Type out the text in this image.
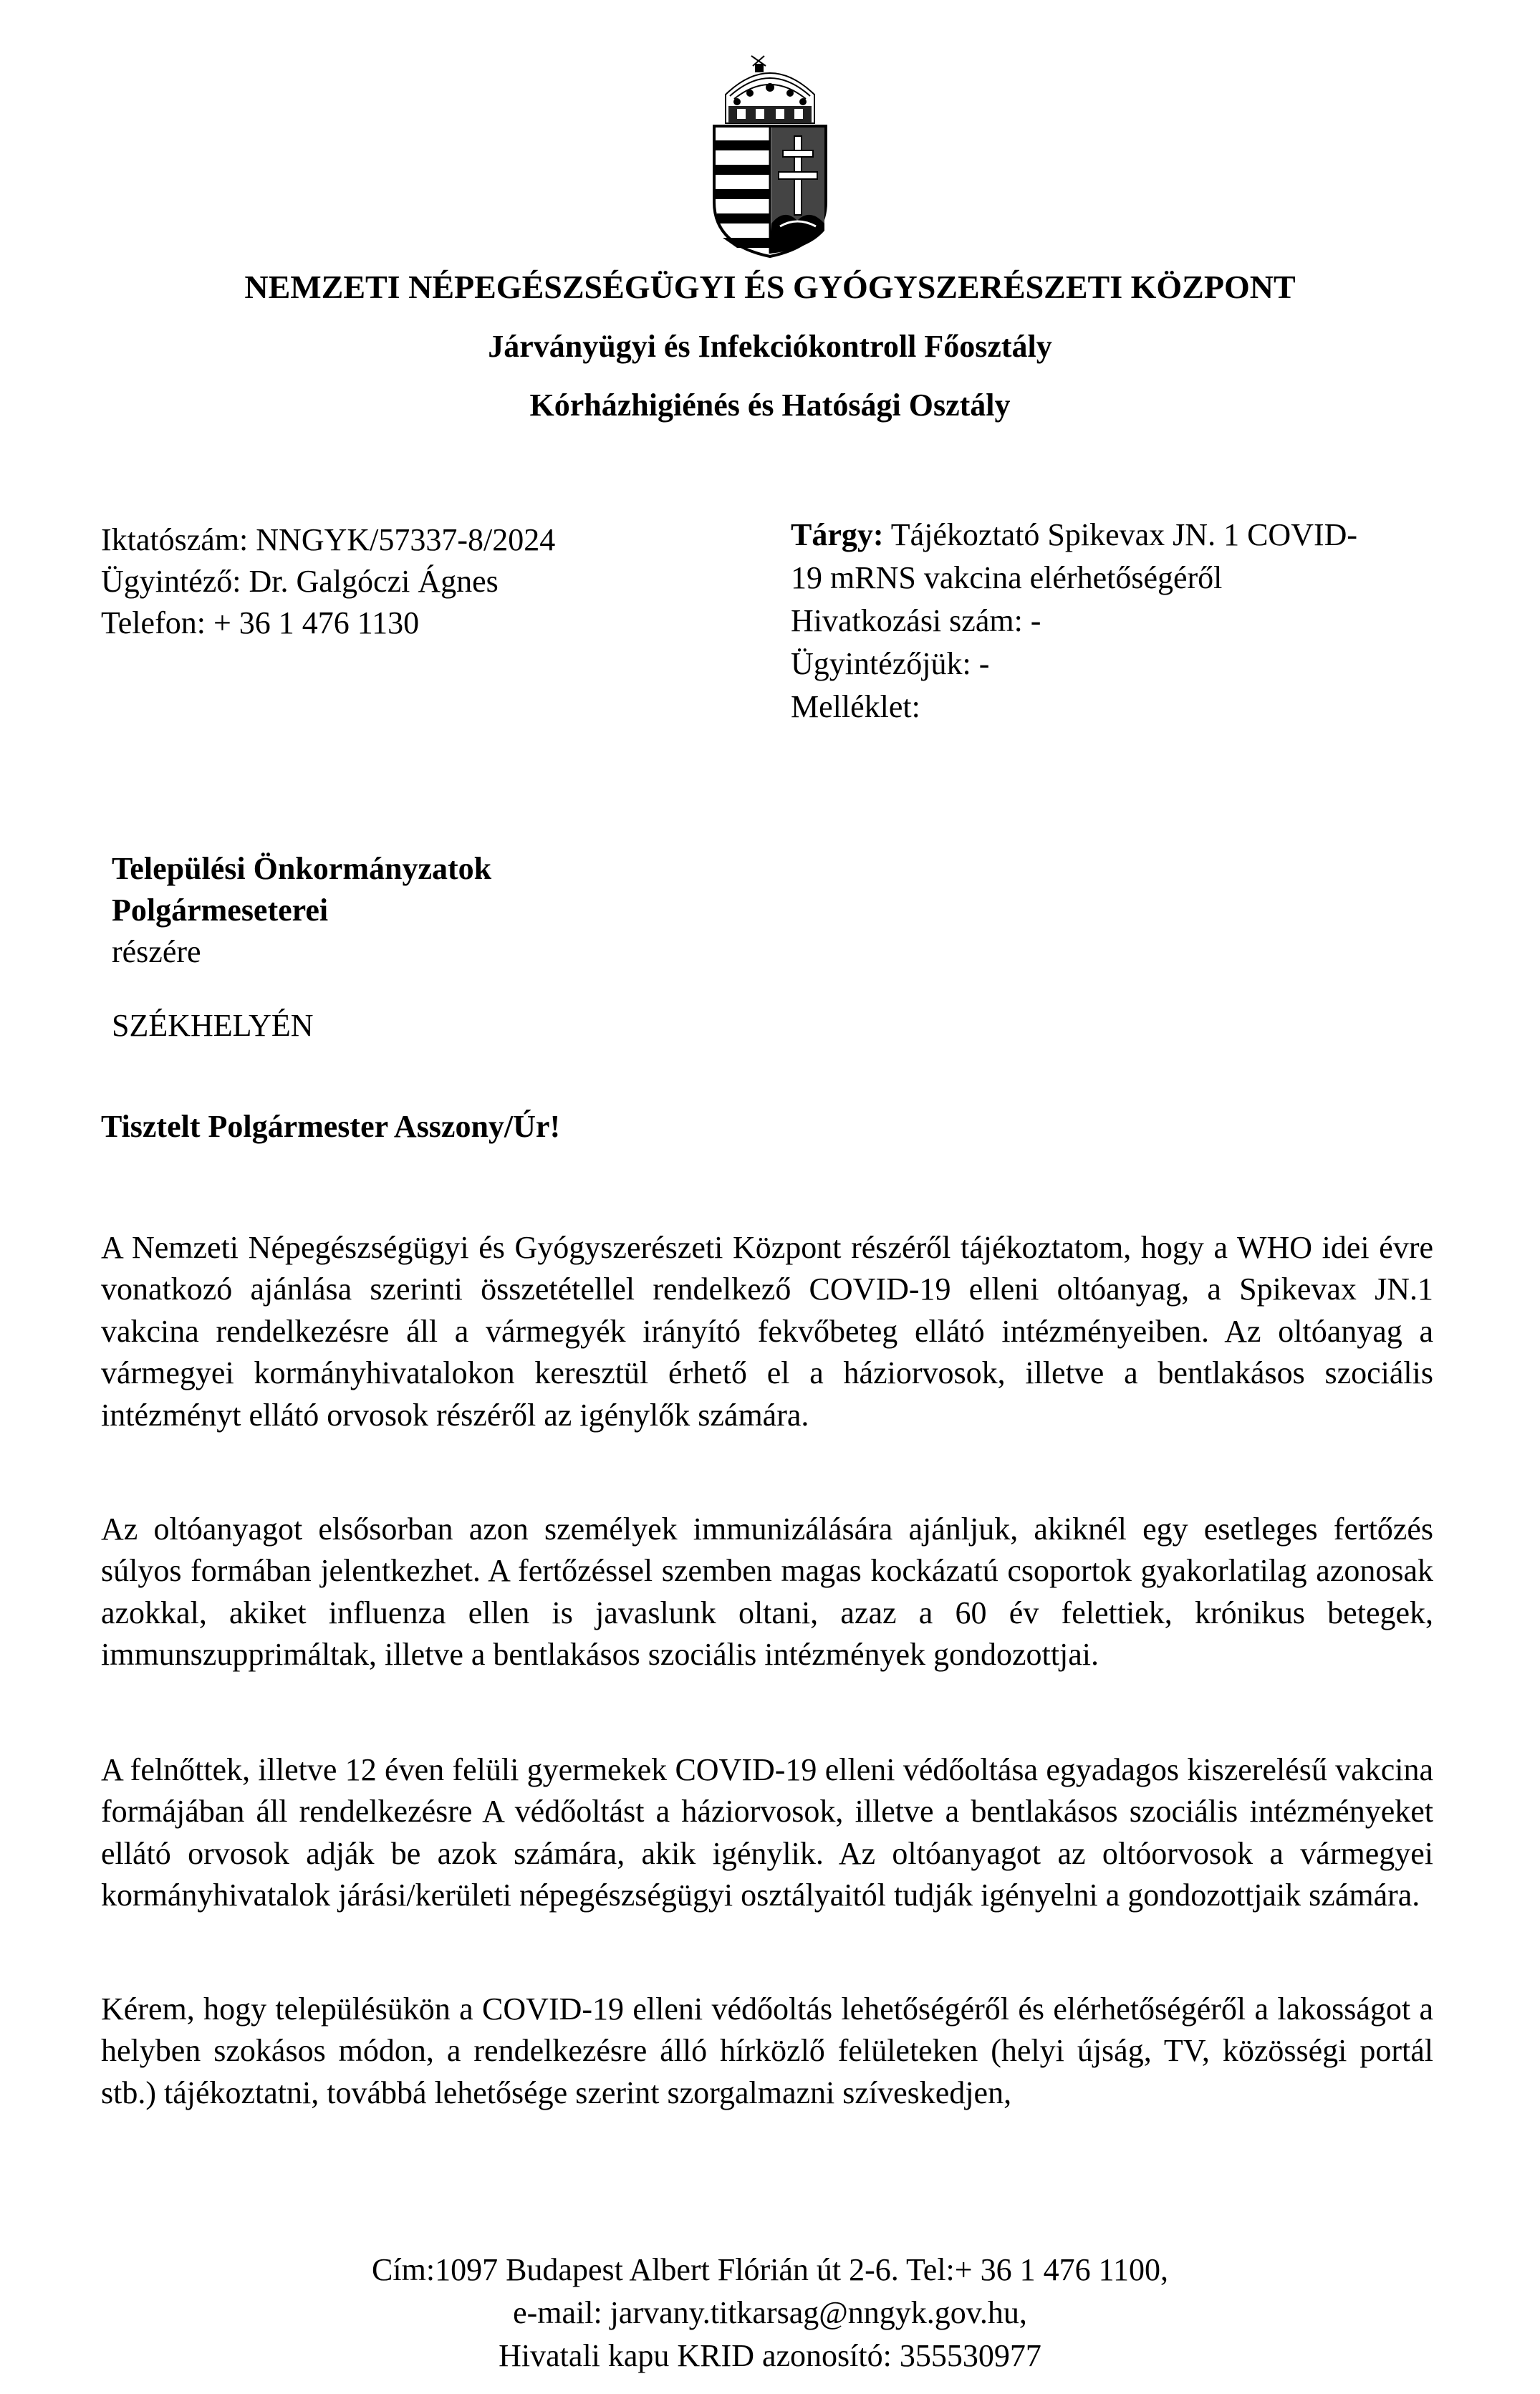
NEMZETI NÉPEGÉSZSÉGÜGYI ÉS GYÓGYSZERÉSZETI KÖZPONT
Járványügyi és Infekciókontroll Főosztály
Kórházhigiénés és Hatósági Osztály
Iktatószám: NNGYK/57337-8/2024
Ügyintéző: Dr. Galgóczi Ágnes
Telefon: + 36 1 476 1130
Tárgy: Tájékoztató Spikevax JN. 1 COVID-
19 mRNS vakcina elérhetőségéről
Hivatkozási szám: -
Ügyintézőjük: -
Melléklet:
Települési Önkormányzatok
Polgármeseterei
részére
SZÉKHELYÉN
Tisztelt Polgármester Asszony/Úr!

A Nemzeti Népegészségügyi és Gyógyszerészeti Központ részéről tájékoztatom, hogy a WHO idei évre vonatkozó ajánlása szerinti összetétellel rendelkező COVID-19 elleni oltóanyag, a Spikevax JN.1 vakcina rendelkezésre áll a vármegyék irányító fekvőbeteg ellátó intézményeiben. Az oltóanyag a vármegyei kormányhivatalokon keresztül érhető el a háziorvosok, illetve a bentlakásos szociális intézményt ellátó orvosok részéről az igénylők számára.

Az oltóanyagot elsősorban azon személyek immunizálására ajánljuk, akiknél egy esetleges fertőzés súlyos formában jelentkezhet. A fertőzéssel szemben magas kockázatú csoportok gyakorlatilag azonosak azokkal, akiket influenza ellen is javaslunk oltani, azaz a 60 év felettiek, krónikus betegek, immunszupprimáltak, illetve a bentlakásos szociális intézmények gondozottjai.

A felnőttek, illetve 12 éven felüli gyermekek COVID-19 elleni védőoltása egyadagos kiszerelésű vakcina formájában áll rendelkezésre A védőoltást a háziorvosok, illetve a bentlakásos szociális intézményeket ellátó orvosok adják be azok számára, akik igénylik. Az oltóanyagot az oltóorvosok a vármegyei kormányhivatalok járási/kerületi népegészségügyi osztályaitól tudják igényelni a gondozottjaik számára.

Kérem, hogy településükön a COVID-19 elleni védőoltás lehetőségéről és elérhetőségéről a lakosságot a helyben szokásos módon, a rendelkezésre álló hírközlő felületeken (helyi újság, TV, közösségi portál stb.) tájékoztatni, továbbá lehetősége szerint szorgalmazni szíveskedjen,

Cím:1097 Budapest Albert Flórián út 2-6. Tel:+ 36 1 476 1100,
e-mail: jarvany.titkarsag@nngyk.gov.hu,
Hivatali kapu KRID azonosító: 355530977
